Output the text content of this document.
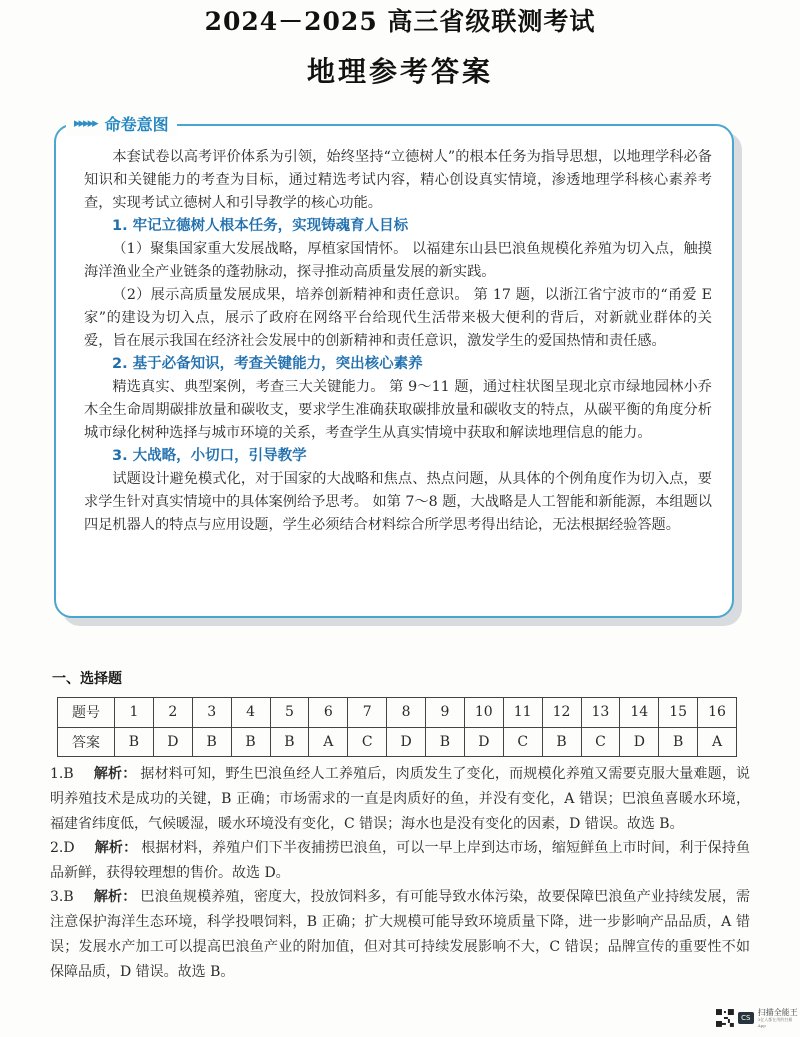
2024－2025 高三省级联测考试
地理参考答案
▸▸▸▸▸ 命卷意图

本套试卷以高考评价体系为引领，始终坚持“立德树人”的根本任务为指导思想，以地理学科必备知识和关键能力的考查为目标，通过精选考试内容，精心创设真实情境，渗透地理学科核心素养考查，实现考试立德树人和引导教学的核心功能。

1. 牢记立德树人根本任务，实现铸魂育人目标

（1）聚集国家重大发展战略，厚植家国情怀。 以福建东山县巴浪鱼规模化养殖为切入点，触摸海洋渔业全产业链条的蓬勃脉动，探寻推动高质量发展的新实践。

（2）展示高质量发展成果，培养创新精神和责任意识。 第 17 题，以浙江省宁波市的“甬爱 E 家”的建设为切入点，展示了政府在网络平台给现代生活带来极大便利的背后，对新就业群体的关爱，旨在展示我国在经济社会发展中的创新精神和责任意识，激发学生的爱国热情和责任感。

2. 基于必备知识，考查关键能力，突出核心素养

精选真实、典型案例，考查三大关键能力。 第 9～11 题，通过柱状图呈现北京市绿地园林小乔木全生命周期碳排放量和碳收支，要求学生准确获取碳排放量和碳收支的特点，从碳平衡的角度分析城市绿化树种选择与城市环境的关系，考查学生从真实情境中获取和解读地理信息的能力。

3. 大战略，小切口，引导教学

试题设计避免模式化，对于国家的大战略和焦点、热点问题，从具体的个例角度作为切入点，要求学生针对真实情境中的具体案例给予思考。 如第 7～8 题，大战略是人工智能和新能源，本组题以四足机器人的特点与应用设题，学生必须结合材料综合所学思考得出结论，无法根据经验答题。

一、选择题
题号	1	2	3	4	5	6	7	8	9	10	11	12	13	14	15	16
答案	B	D	B	B	B	A	C	D	B	D	C	B	C	D	B	A
1.B 解析： 据材料可知，野生巴浪鱼经人工养殖后，肉质发生了变化，而规模化养殖又需要克服大量难题，说明养殖技术是成功的关键，B 正确；市场需求的一直是肉质好的鱼，并没有变化，A 错误；巴浪鱼喜暖水环境，福建省纬度低，气候暖湿，暖水环境没有变化，C 错误；海水也是没有变化的因素，D 错误。故选 B。
2.D 解析： 根据材料，养殖户们下半夜捕捞巴浪鱼，可以一早上岸到达市场，缩短鲜鱼上市时间，利于保持鱼品新鲜，获得较理想的售价。故选 D。
3.B 解析： 巴浪鱼规模养殖，密度大，投放饲料多，有可能导致水体污染，故要保障巴浪鱼产业持续发展，需注意保护海洋生态环境，科学投喂饲料，B 正确；扩大规模可能导致环境质量下降，进一步影响产品品质，A 错误；发展水产加工可以提高巴浪鱼产业的附加值，但对其可持续发展影响不大，C 错误；品牌宣传的重要性不如保障品质，D 错误。故选 B。
CS
扫描全能王
3亿人都在用的扫描App
